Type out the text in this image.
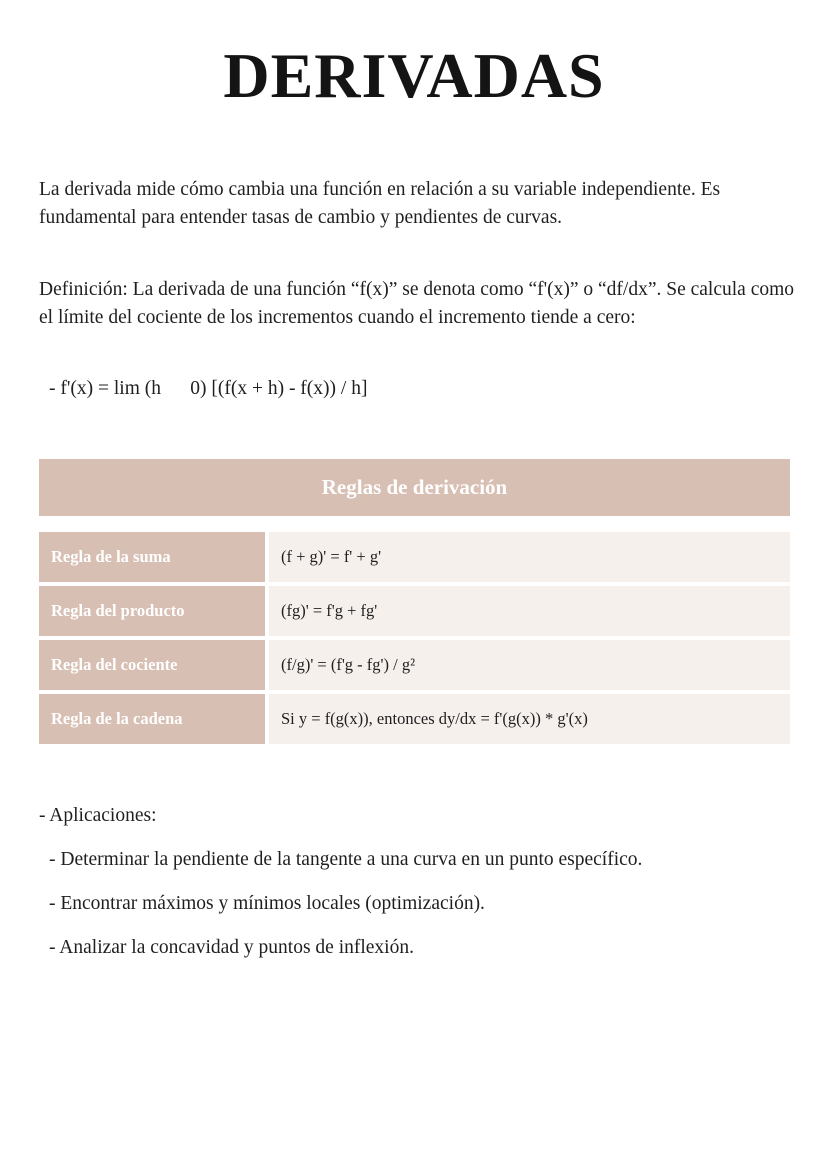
DERIVADAS

La derivada mide cómo cambia una función en relación a su variable independiente. Es fundamental para entender tasas de cambio y pendientes de curvas.

Definición: La derivada de una función “f(x)” se denota como “f'(x)” o “df/dx”. Se calcula como el límite del cociente de los incrementos cuando el incremento tiende a cero:

- f'(x) = lim (h      0) [(f(x + h) - f(x)) / h]
Reglas de derivación
Regla de la suma	(f + g)' = f' + g'
Regla del producto	(fg)' = f'g + fg'
Regla del cociente	(f/g)' = (f'g - fg') / g²
Regla de la cadena	Si y = f(g(x)), entonces dy/dx = f'(g(x)) * g'(x)

- Aplicaciones:

- Determinar la pendiente de la tangente a una curva en un punto específico.
- Encontrar máximos y mínimos locales (optimización).
- Analizar la concavidad y puntos de inflexión.
